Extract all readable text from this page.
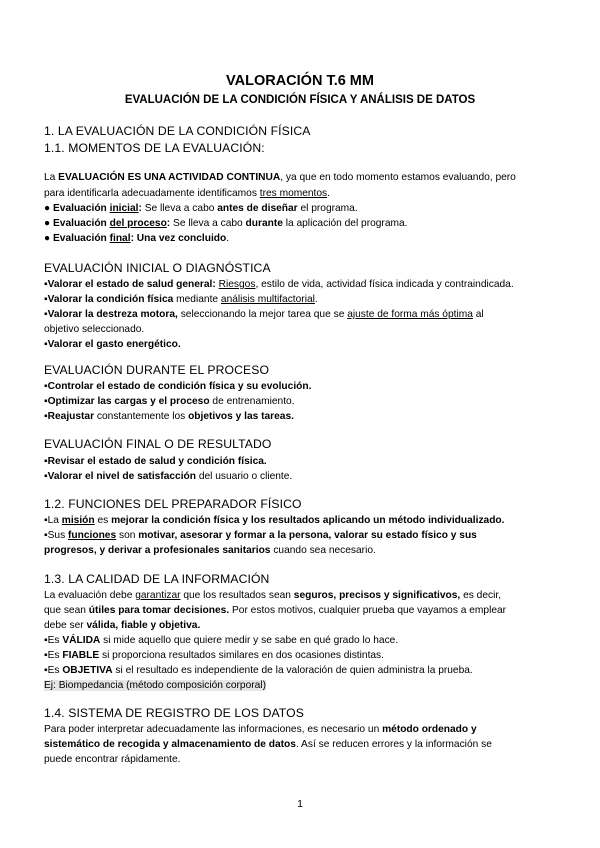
VALORACIÓN T.6 MM
EVALUACIÓN DE LA CONDICIÓN FÍSICA Y ANÁLISIS DE DATOS
1. LA EVALUACIÓN DE LA CONDICIÓN FÍSICA
1.1. MOMENTOS DE LA EVALUACIÓN:
La EVALUACIÓN ES UNA ACTIVIDAD CONTINUA, ya que en todo momento estamos evaluando, pero
para identificarla adecuadamente identificamos tres momentos.
● Evaluación inicial: Se lleva a cabo antes de diseñar el programa.
● Evaluación del proceso: Se lleva a cabo durante la aplicación del programa.
● Evaluación final: Una vez concluido.
EVALUACIÓN INICIAL O DIAGNÓSTICA
▪Valorar el estado de salud general: Riesgos, estilo de vida, actividad física indicada y contraindicada.
▪Valorar la condición física mediante análisis multifactorial.
▪Valorar la destreza motora, seleccionando la mejor tarea que se ajuste de forma más óptima al
objetivo seleccionado.
▪Valorar el gasto energético.
EVALUACIÓN DURANTE EL PROCESO
▪Controlar el estado de condición física y su evolución.
▪Optimizar las cargas y el proceso de entrenamiento.
▪Reajustar constantemente los objetivos y las tareas.
EVALUACIÓN FINAL O DE RESULTADO
▪Revisar el estado de salud y condición física.
▪Valorar el nivel de satisfacción del usuario o cliente.
1.2. FUNCIONES DEL PREPARADOR FÍSICO
▪La misión es mejorar la condición física y los resultados aplicando un método individualizado.
▪Sus funciones son motivar, asesorar y formar a la persona, valorar su estado físico y sus
progresos, y derivar a profesionales sanitarios cuando sea necesario.
1.3. LA CALIDAD DE LA INFORMACIÓN
La evaluación debe garantizar que los resultados sean seguros, precisos y significativos, es decir,
que sean útiles para tomar decisiones. Por estos motivos, cualquier prueba que vayamos a emplear
debe ser válida, fiable y objetiva.
▪Es VÁLIDA si mide aquello que quiere medir y se sabe en qué grado lo hace.
▪Es FIABLE si proporciona resultados similares en dos ocasiones distintas.
▪Es OBJETIVA si el resultado es independiente de la valoración de quien administra la prueba.
Ej: Biompedancia (método composición corporal)
1.4. SISTEMA DE REGISTRO DE LOS DATOS
Para poder interpretar adecuadamente las informaciones, es necesario un método ordenado y
sistemático de recogida y almacenamiento de datos. Así se reducen errores y la información se
puede encontrar rápidamente.
1
